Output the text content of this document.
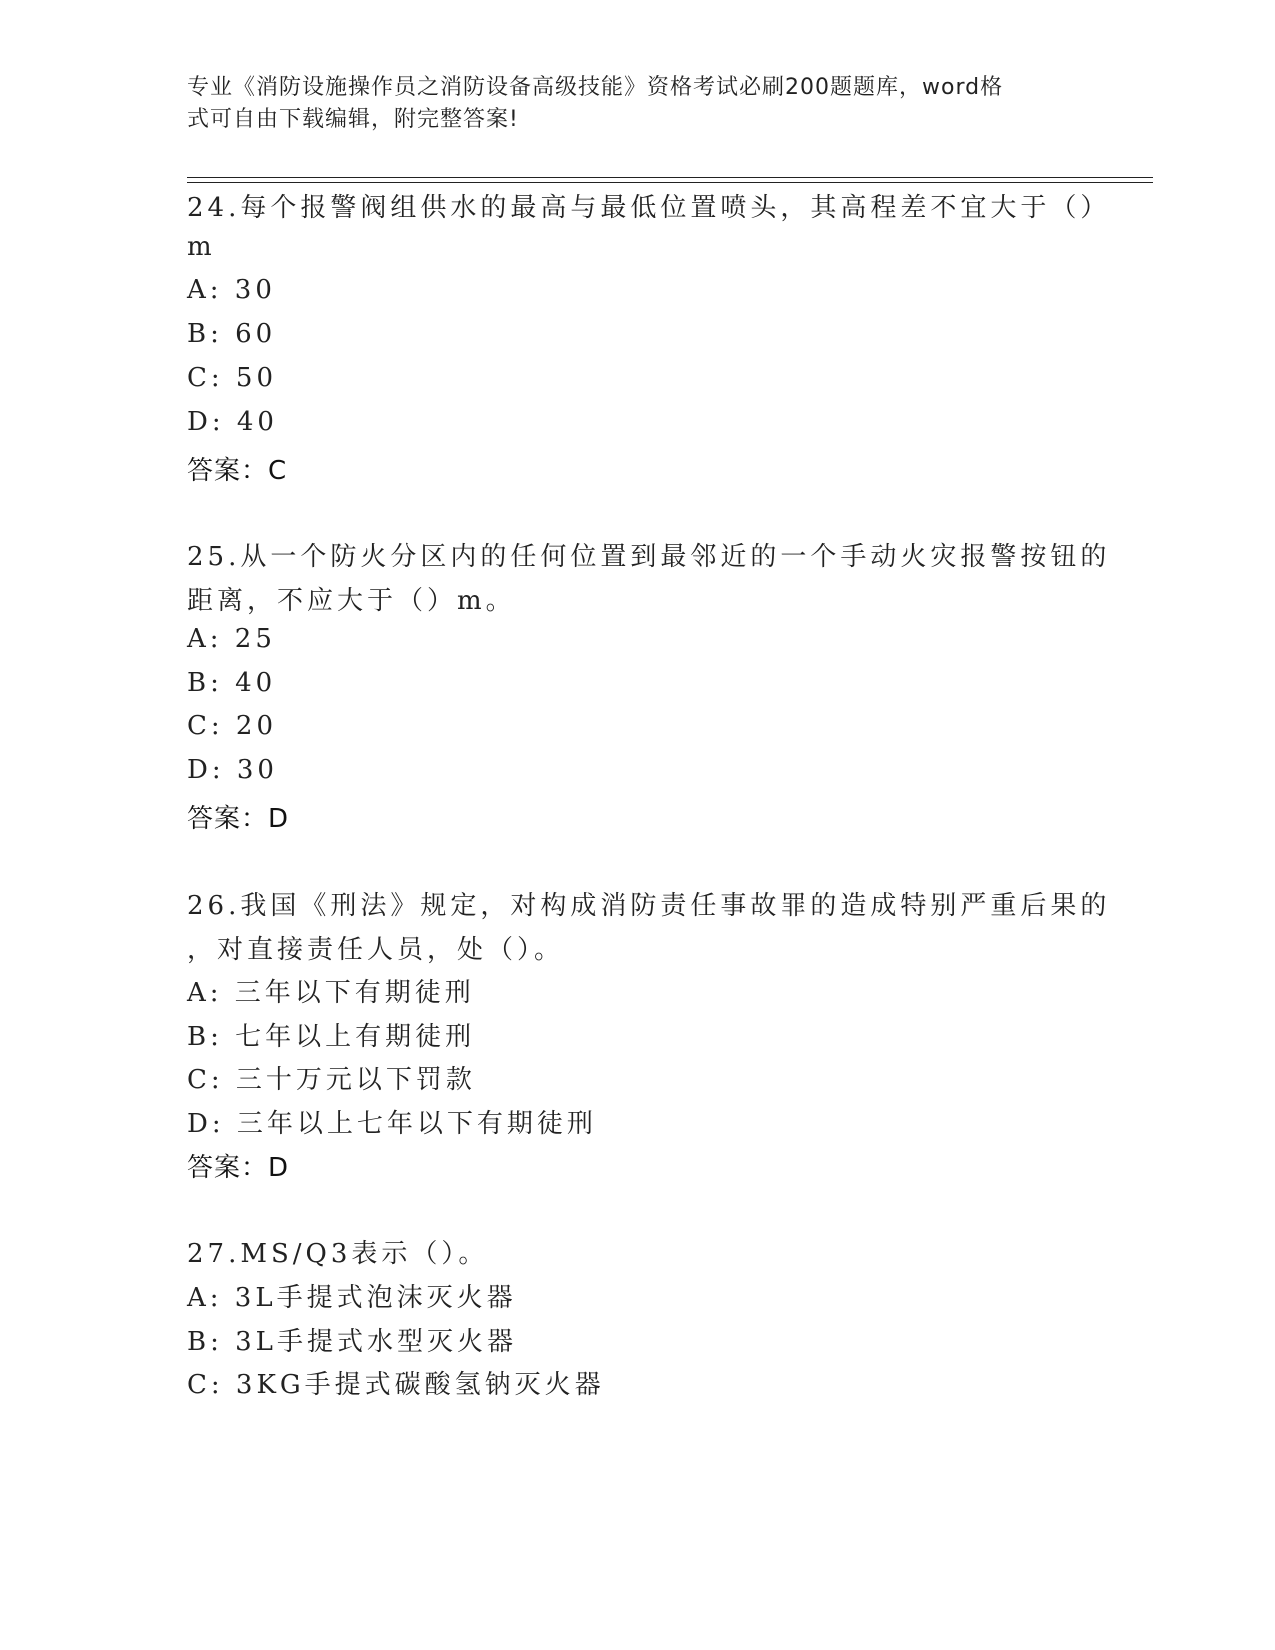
专业《消防设施操作员之消防设备高级技能》资格考试必刷200题题库，word格
式可自由下载编辑，附完整答案!
24.每个报警阀组供水的最高与最低位置喷头，其高程差不宜大于（）
m
A: 30
B: 60
C: 50
D: 40
答案：C
25.从一个防火分区内的任何位置到最邻近的一个手动火灾报警按钮的
距离，不应大于（）m。
A: 25
B: 40
C: 20
D: 30
答案：D
26.我国《刑法》规定，对构成消防责任事故罪的造成特别严重后果的
，对直接责任人员，处（）。
A: 三年以下有期徒刑
B: 七年以上有期徒刑
C: 三十万元以下罚款
D: 三年以上七年以下有期徒刑
答案：D
27.MS/Q3表示（）。
A: 3L手提式泡沫灭火器
B: 3L手提式水型灭火器
C: 3KG手提式碳酸氢钠灭火器
